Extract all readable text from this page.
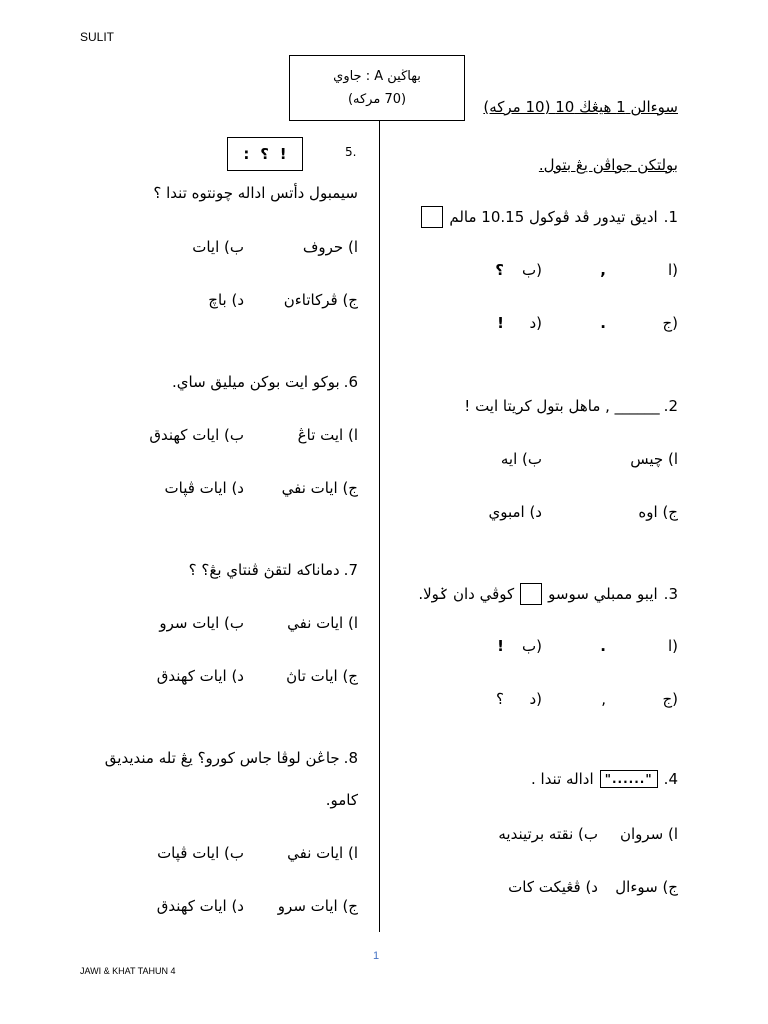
SULIT
JAWI & KHAT TAHUN 4
1
بهاڬين A : جاوي
(70 مرکه)	سوءالن 1 هيڠڬ 10 (10 مرکه)
بولتکن جواڤن يڠ بتول.
1.
اديق تيدور ڤد ڤوکول 10.15 مالم
ا)
,
ب)
؟
ج)
.
د)
!
2.
______ , ماهل بتول کريتا ايت !
ا) چيس
ب) ايه
ج) اوه
د) امبوي
3.
ايبو ممبلي سوسو
کوڤي دان ݢولا.
ا)
.
ب)
!
ج)
,
د)
؟
4.
"......"
اداله تندا .
ا) سروان
ب) نقته برتينديه
ج) سوءال
د) ڤڠيکت کات
5.
: ؟ !
سيمبول دأتس اداله چونتوه تندا ؟
ا) حروف
ب) ايات
ج) ڤرکاتاءن
د) باچ
6.
بوکو ايت بوکن ميليق ساي.
ا) ايت تاڠ
ب) ايات کهندق
ج) ايات نفي
د) ايات ڤڽات
7.
دماناکه لتقڽ ڤنتاي بڠ؟ ؟
ا) ايات نفي
ب) ايات سرو
ج) ايات تاڽ
د) ايات کهندق
8.
جاڠن لوڤا جاس کورو؟ يڠ تله منديديق
کامو.
ا) ايات نفي
ب) ايات ڤڽات
ج) ايات سرو
د) ايات کهندق
